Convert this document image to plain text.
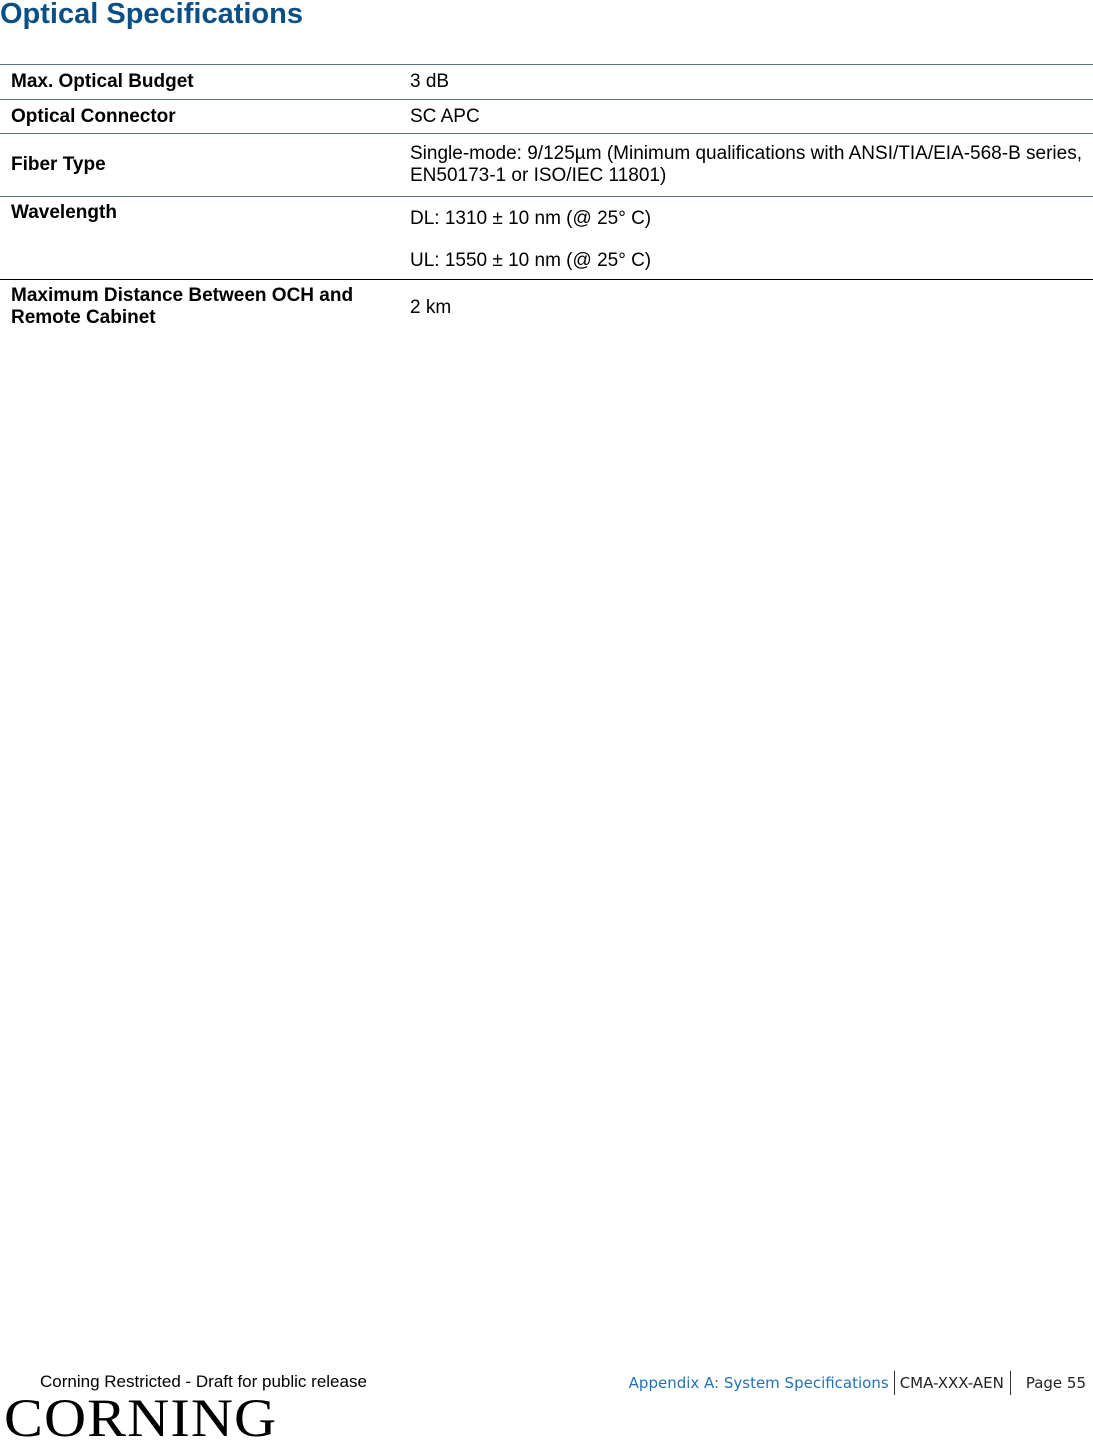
Optical Specifications
Max. Optical Budget	3 dB
Optical Connector	SC APC
Fiber Type	Single-mode: 9/125µm (Minimum qualifications with ANSI/TIA/EIA-568-B series, EN50173-1 or ISO/IEC 11801)
Wavelength	DL: 1310 ± 10 nm (@ 25° C)
UL: 1550 ± 10 nm (@ 25° C)

Maximum Distance Between OCH and Remote Cabinet	2 km
Corning Restricted - Draft for public release	Appendix A: System Specifications CMA-XXX-AEN	Page 55
CORNING
